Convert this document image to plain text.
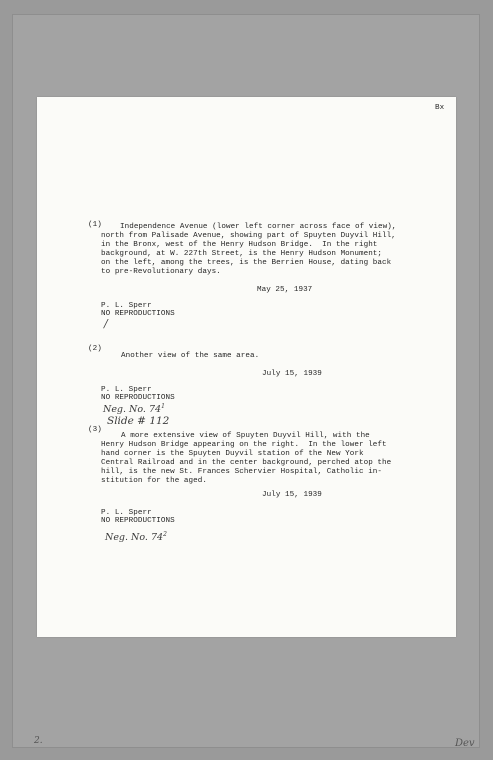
Bx
(1) Independence Avenue (lower left corner across face of view),
north from Palisade Avenue, showing part of Spuyten Duyvil Hill,
in the Bronx, west of the Henry Hudson Bridge.  In the right
background, at W. 227th Street, is the Henry Hudson Monument;
on the left, among the trees, is the Berrien House, dating back
to pre-Revolutionary days.
May 25, 1937
P. L. Sperr
NO REPRODUCTIONS
/
(2)
Another view of the same area.
July 15, 1939
P. L. Sperr
NO REPRODUCTIONS
Neg. No. $74^1$
Slide # 112
(3)
A more extensive view of Spuyten Duyvil Hill, with the
Henry Hudson Bridge appearing on the right.  In the lower left
hand corner is the Spuyten Duyvil station of the New York
Central Railroad and in the center background, perched atop the
hill, is the new St. Frances Schervier Hospital, Catholic in-
stitution for the aged.
July 15, 1939
P. L. Sperr
NO REPRODUCTIONS
Neg. No. $74^2$
2.	Dev
